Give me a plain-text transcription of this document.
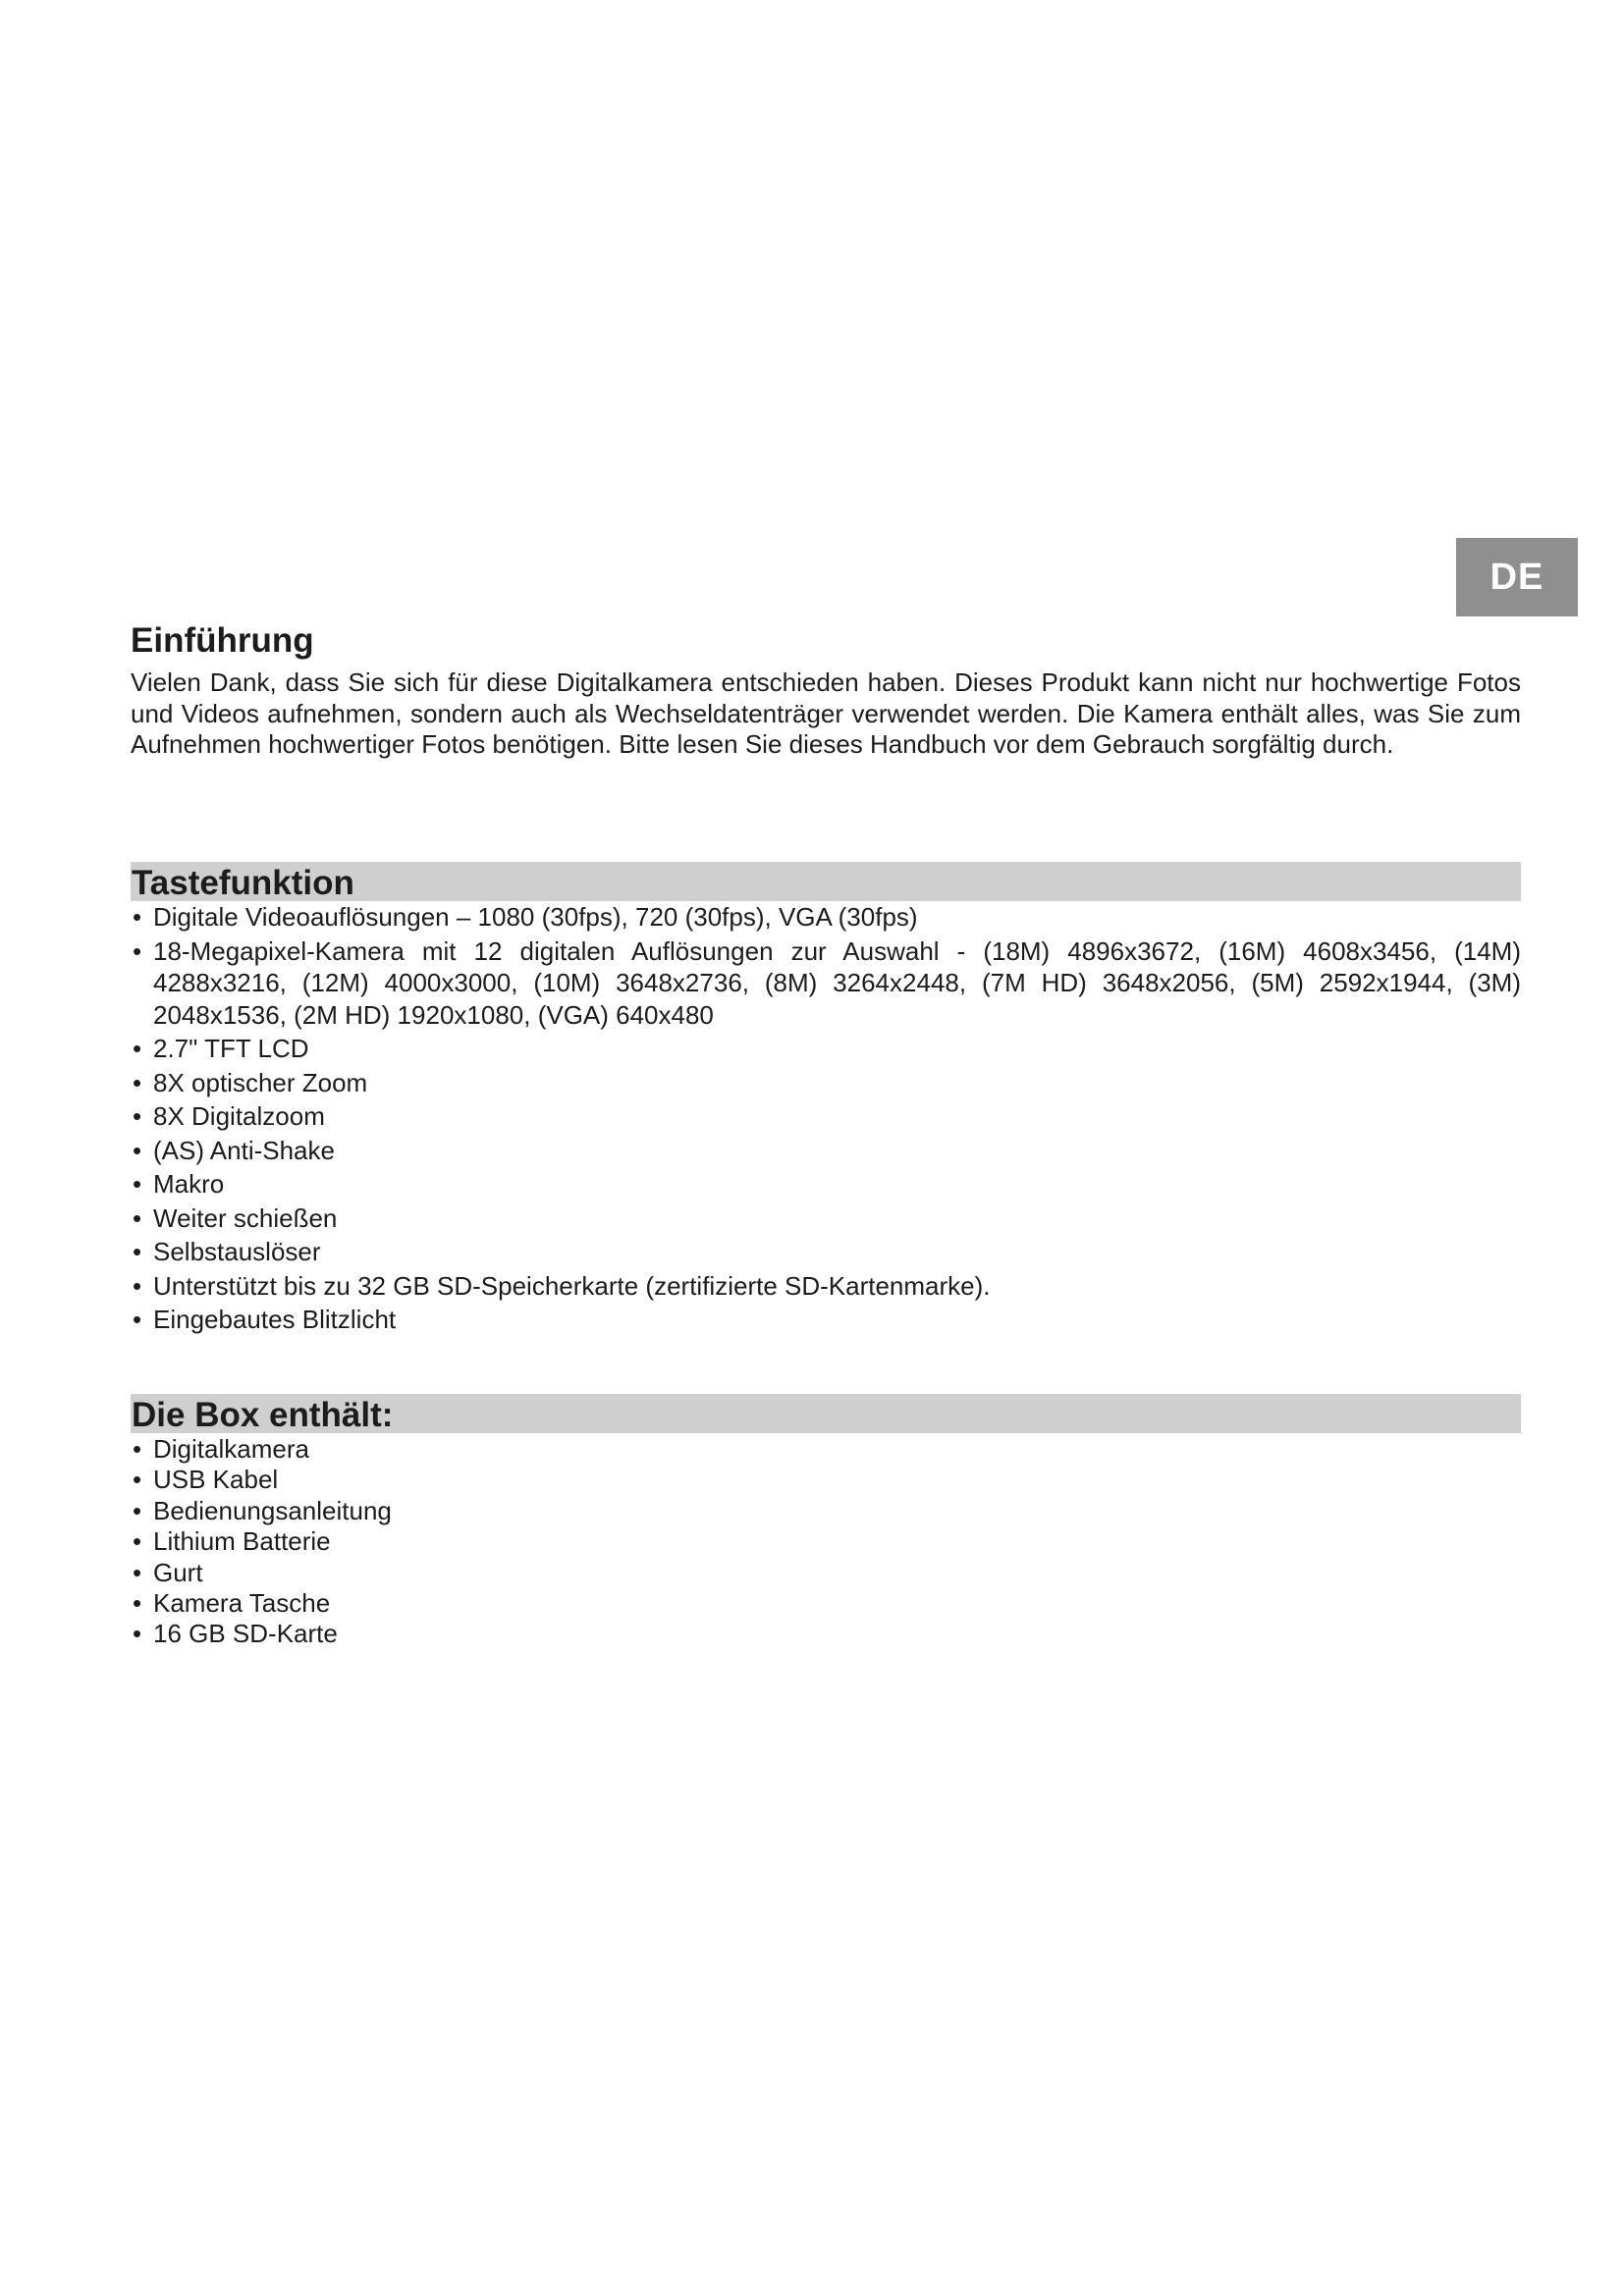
DE
Einführung

Vielen Dank, dass Sie sich für diese Digitalkamera entschieden haben. Dieses Produkt kann nicht nur hochwertige Fotos und Videos aufnehmen, sondern auch als Wechseldatenträger verwendet werden. Die Kamera enthält alles, was Sie zum Aufnehmen hochwertiger Fotos benötigen. Bitte lesen Sie dieses Handbuch vor dem Gebrauch sorgfältig durch.

Tastefunktion
• Digitale Videoauflösungen – 1080 (30fps), 720 (30fps), VGA (30fps)
• 18-Megapixel-Kamera mit 12 digitalen Auflösungen zur Auswahl - (18M) 4896x3672, (16M) 4608x3456, (14M) 4288x3216, (12M) 4000x3000, (10M) 3648x2736, (8M) 3264x2448, (7M HD) 3648x2056, (5M) 2592x1944, (3M) 2048x1536, (2M HD) 1920x1080, (VGA) 640x480
• 2.7" TFT LCD
• 8X optischer Zoom
• 8X Digitalzoom
• (AS) Anti-Shake
• Makro
• Weiter schießen
• Selbstauslöser
• Unterstützt bis zu 32 GB SD-Speicherkarte (zertifizierte SD-Kartenmarke).
• Eingebautes Blitzlicht
Die Box enthält:
• Digitalkamera
• USB Kabel
• Bedienungsanleitung
• Lithium Batterie
• Gurt
• Kamera Tasche
• 16 GB SD-Karte
